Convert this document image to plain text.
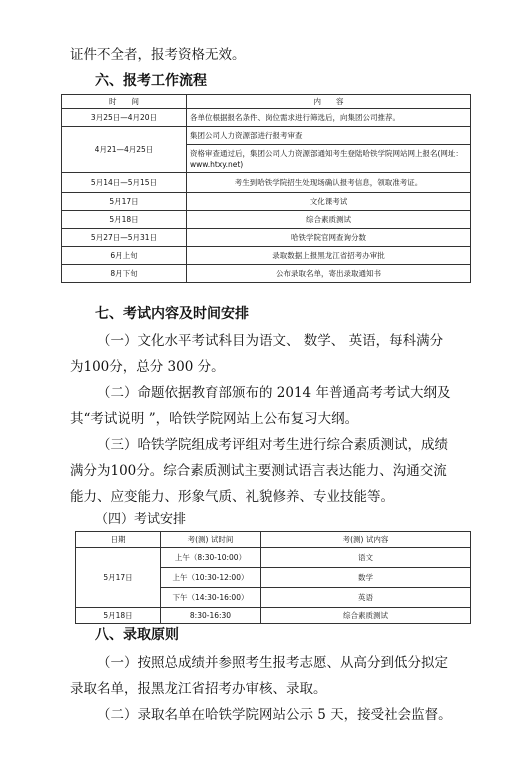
证件不全者，报考资格无效。
六、报考工作流程
时　　间	内　　容
3月25日—4月20日	各单位根据报名条件、岗位需求进行筛选后，向集团公司推荐。
4月21—4月25日	集团公司人力资源部进行报考审查
	资格审查通过后，集团公司人力资源部通知考生登陆哈铁学院网站网上报名(网址：www.htxy.net)
5月14日—5月15日	考生到哈铁学院招生处现场确认报考信息，领取准考证。
5月17日	文化课考试
5月18日	综合素质测试
5月27日—5月31日	哈铁学院官网查询分数
6月上旬	录取数据上报黑龙江省招考办审批
8月下旬	公布录取名单，寄出录取通知书
七、考试内容及时间安排
（一）文化水平考试科目为语文、 数学、 英语，每科满分
为100分，总分 300 分。
（二）命题依据教育部颁布的 2014 年普通高考考试大纲及
其“考试说明 ”，哈铁学院网站上公布复习大纲。
（三）哈铁学院组成考评组对考生进行综合素质测试，成绩
满分为100分。综合素质测试主要测试语言表达能力、沟通交流
能力、应变能力、形象气质、礼貌修养、专业技能等。
（四）考试安排
日期	考(测) 试时间	考(测) 试内容
5月17日	上午（8:30-10:00）	语文
	上午（10:30-12:00）	数学
	下午（14:30-16:00）	英语
5月18日	8:30-16:30	综合素质测试
八、录取原则
（一）按照总成绩并参照考生报考志愿、从高分到低分拟定
录取名单，报黑龙江省招考办审核、录取。
（二）录取名单在哈铁学院网站公示 5 天，接受社会监督。
